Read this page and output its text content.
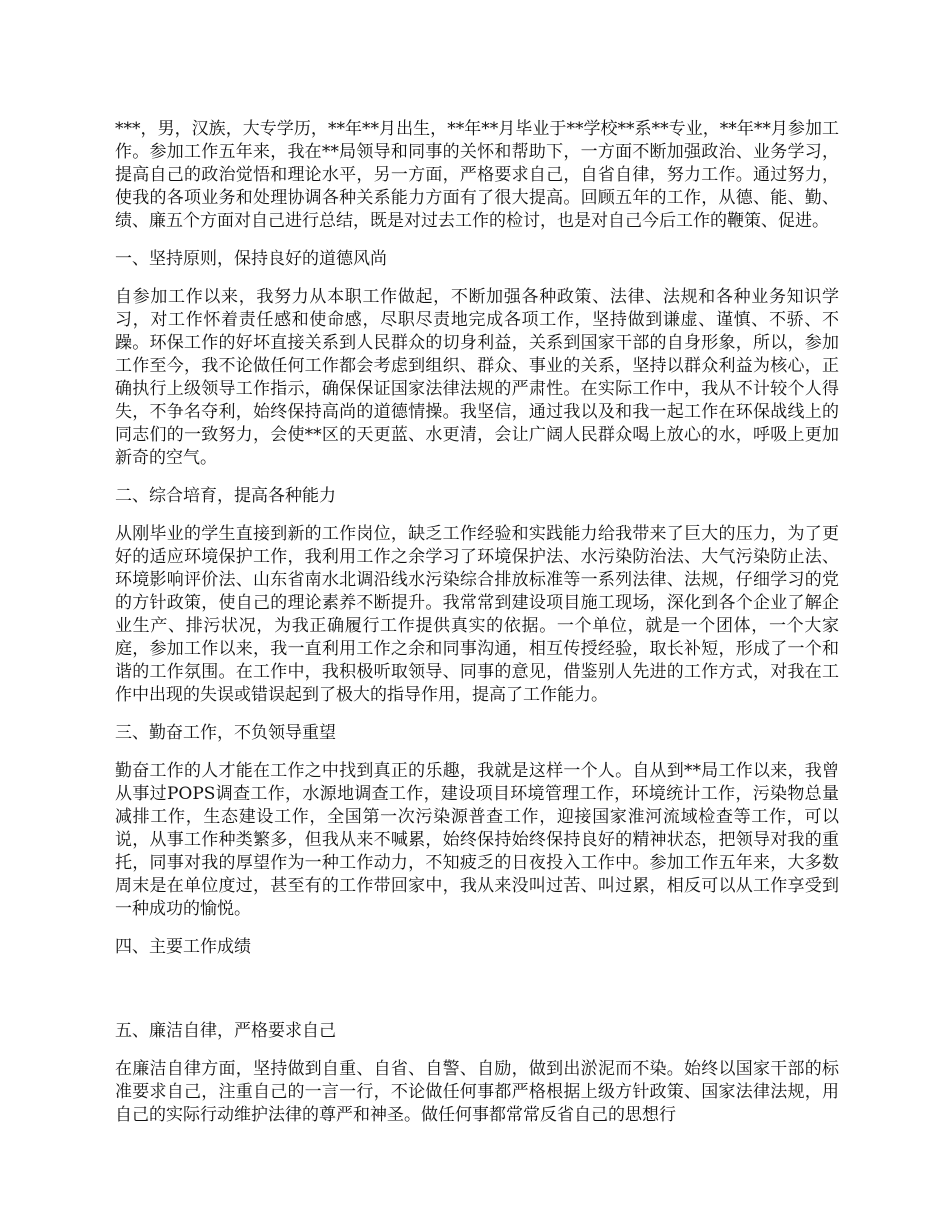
***，男，汉族，大专学历，**年**月出生，**年**月毕业于**学校**系**专业，**年**月参加工作。参加工作五年来，我在**局领导和同事的关怀和帮助下，一方面不断加强政治、业务学习，提高自己的政治觉悟和理论水平，另一方面，严格要求自己，自省自律，努力工作。通过努力，使我的各项业务和处理协调各种关系能力方面有了很大提高。回顾五年的工作，从德、能、勤、绩、廉五个方面对自己进行总结，既是对过去工作的检讨，也是对自己今后工作的鞭策、促进。

一、坚持原则，保持良好的道德风尚

自参加工作以来，我努力从本职工作做起，不断加强各种政策、法律、法规和各种业务知识学习，对工作怀着责任感和使命感，尽职尽责地完成各项工作，坚持做到谦虚、谨慎、不骄、不躁。环保工作的好坏直接关系到人民群众的切身利益，关系到国家干部的自身形象，所以，参加工作至今，我不论做任何工作都会考虑到组织、群众、事业的关系，坚持以群众利益为核心，正确执行上级领导工作指示，确保保证国家法律法规的严肃性。在实际工作中，我从不计较个人得失，不争名夺利，始终保持高尚的道德情操。我坚信，通过我以及和我一起工作在环保战线上的同志们的一致努力，会使**区的天更蓝、水更清，会让广阔人民群众喝上放心的水，呼吸上更加新奇的空气。

二、综合培育，提高各种能力

从刚毕业的学生直接到新的工作岗位，缺乏工作经验和实践能力给我带来了巨大的压力，为了更好的适应环境保护工作，我利用工作之余学习了环境保护法、水污染防治法、大气污染防止法、环境影响评价法、山东省南水北调沿线水污染综合排放标准等一系列法律、法规，仔细学习的党的方针政策，使自己的理论素养不断提升。我常常到建设项目施工现场，深化到各个企业了解企业生产、排污状况，为我正确履行工作提供真实的依据。一个单位，就是一个团体，一个大家庭，参加工作以来，我一直利用工作之余和同事沟通，相互传授经验，取长补短，形成了一个和谐的工作氛围。在工作中，我积极听取领导、同事的意见，借鉴别人先进的工作方式，对我在工作中出现的失误或错误起到了极大的指导作用，提高了工作能力。

三、勤奋工作，不负领导重望

勤奋工作的人才能在工作之中找到真正的乐趣，我就是这样一个人。自从到**局工作以来，我曾从事过POPS调查工作，水源地调查工作，建设项目环境管理工作，环境统计工作，污染物总量减排工作，生态建设工作，全国第一次污染源普查工作，迎接国家淮河流域检查等工作，可以说，从事工作种类繁多，但我从来不喊累，始终保持始终保持良好的精神状态，把领导对我的重托，同事对我的厚望作为一种工作动力，不知疲乏的日夜投入工作中。参加工作五年来，大多数周末是在单位度过，甚至有的工作带回家中，我从来没叫过苦、叫过累，相反可以从工作享受到一种成功的愉悦。

四、主要工作成绩

五、廉洁自律，严格要求自己

在廉洁自律方面，坚持做到自重、自省、自警、自励，做到出淤泥而不染。始终以国家干部的标准要求自己，注重自己的一言一行，不论做任何事都严格根据上级方针政策、国家法律法规，用自己的实际行动维护法律的尊严和神圣。做任何事都常常反省自己的思想行
